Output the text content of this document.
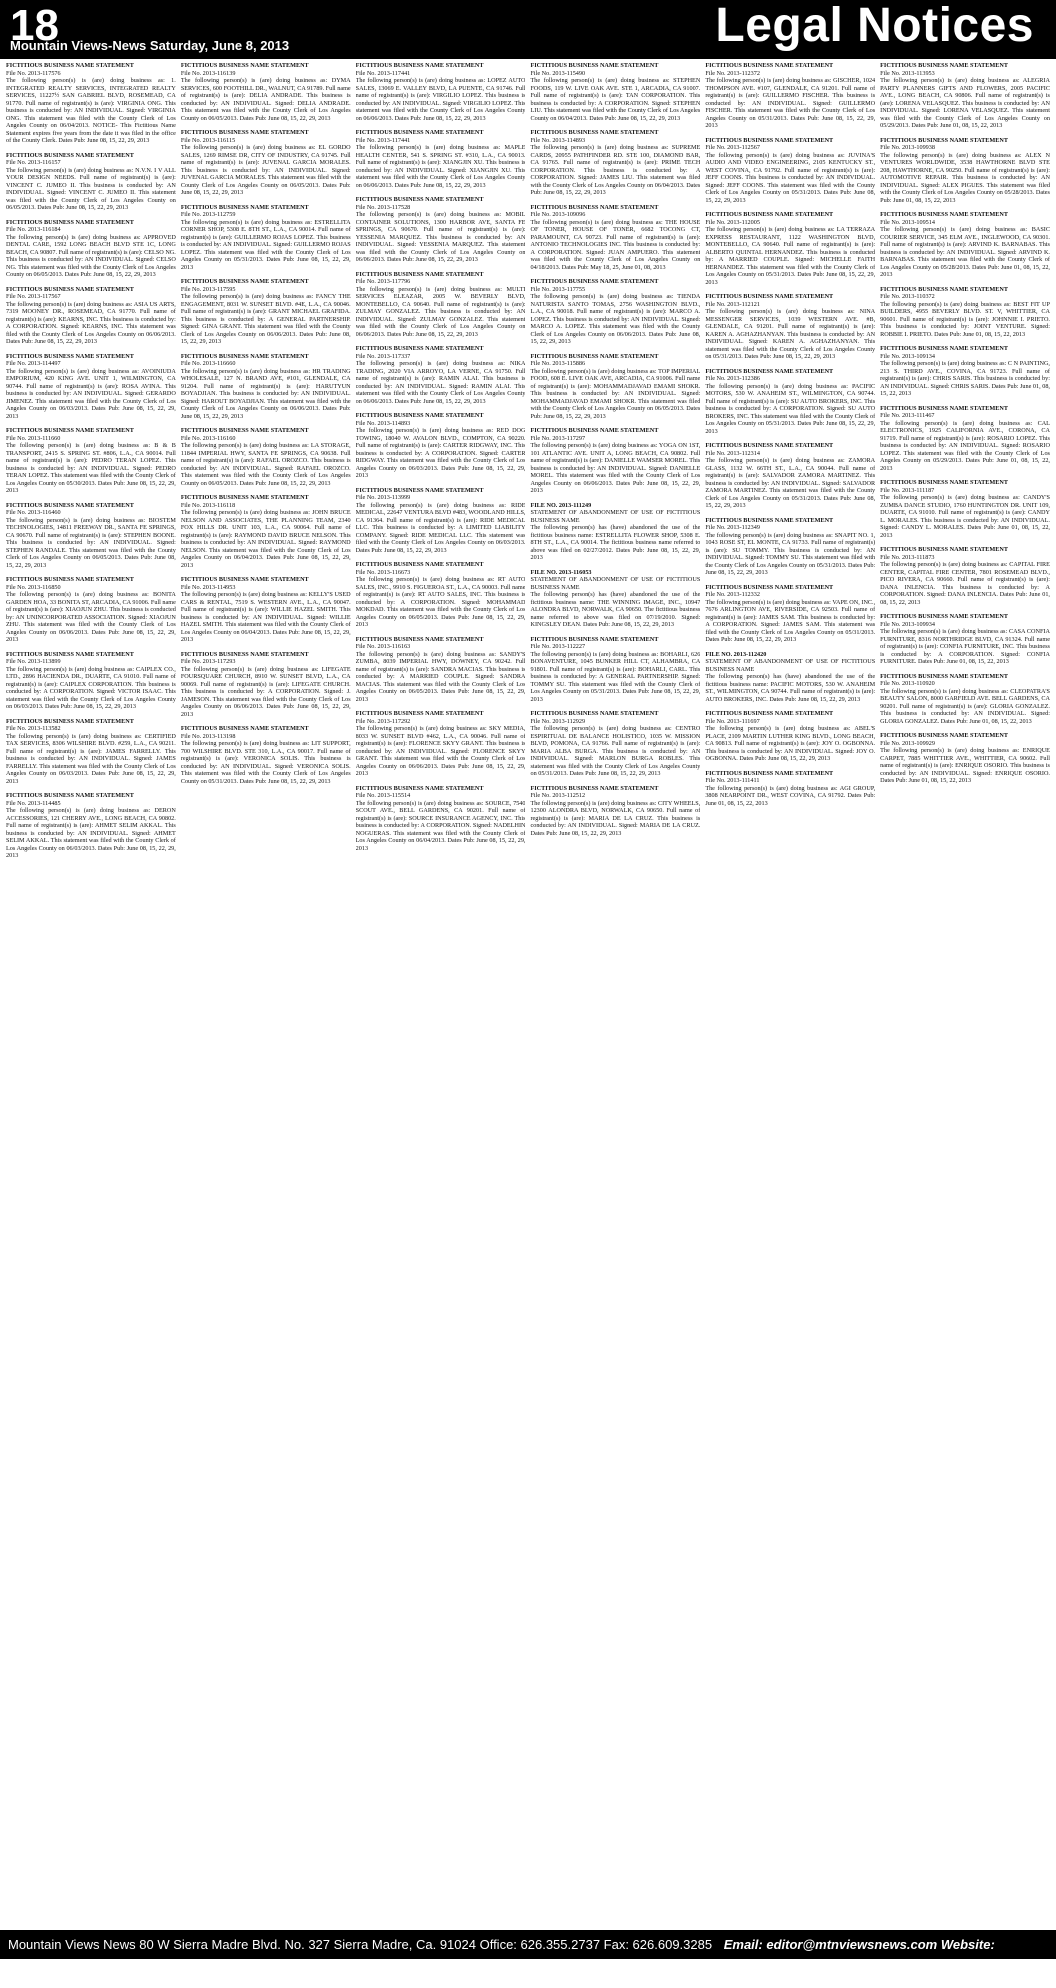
18	Legal Notices
Mountain Views-News Saturday, June 8, 2013
FICTITIOUS BUSINESS NAME STATEMENT
File No. 2013-117576
The following person(s) is (are) doing business as: 1. INTEGRATED REALTY SERVICES, INTEGRATED REALTY SERVICES, 11227½ SAN GABRIEL BLVD, ROSEMEAD, CA 91770. Full name of registrant(s) is (are): VIRGINIA ONG. This business is conducted by: AN INDIVIDUAL. Signed: VIRGINIA ONG. This statement was filed with the County Clerk of Los Angeles County on 06/04/2013. NOTICE- This Fictitious Name Statement expires five years from the date it was filed in the office of the County Clerk. Dates Pub: June 08, 15, 22, 29, 2013
FICTITIOUS BUSINESS NAME STATEMENT
File No. 2013-116157
The following person(s) is (are) doing business as: N.V.N. I V ALL YOUR DESIGN NEEDS. Full name of registrant(s) is (are): VINCENT C. JUMEO II. This business is conducted by: AN INDIVIDUAL. Signed: VINCENT C. JUMEO II. This statement was filed with the County Clerk of Los Angeles County on 06/05/2013. Dates Pub: June 08, 15, 22, 29, 2013
FICTITIOUS BUSINESS NAME STATEMENT
File No. 2013-116184
The following person(s) is (are) doing business as: APPROVED DENTAL CARE, 1592 LONG BEACH BLVD STE 1C, LONG BEACH, CA 90807. Full name of registrant(s) is (are): CELSO NG. This business is conducted by: AN INDIVIDUAL. Signed: CELSO NG. This statement was filed with the County Clerk of Los Angeles County on 06/05/2013. Dates Pub: June 08, 15, 22, 29, 2013
FICTITIOUS BUSINESS NAME STATEMENT
File No. 2013-117567
The following person(s) is (are) doing business as: ASIA US ARTS, 7319 MOONEY DR., ROSEMEAD, CA 91770. Full name of registrant(s) is (are): KEARNS, INC. This business is conducted by: A CORPORATION. Signed: KEARNS, INC. This statement was filed with the County Clerk of Los Angeles County on 06/06/2013. Dates Pub: June 08, 15, 22, 29, 2013
FICTITIOUS BUSINESS NAME STATEMENT
File No. 2013-114497
The following person(s) is (are) doing business as: AVOINIUDA EMPORIUM, 420 KING AVE. UNIT 1, WILMINGTON, CA 90744. Full name of registrant(s) is (are): ROSA AVINA. This business is conducted by: AN INDIVIDUAL. Signed: GERARDO JIMENEZ. This statement was filed with the County Clerk of Los Angeles County on 06/03/2013. Dates Pub: June 08, 15, 22, 29, 2013
FICTITIOUS BUSINESS NAME STATEMENT
File No. 2013-111660
The following person(s) is (are) doing business as: B & B TRANSPORT, 2415 S. SPRING ST. #806, L.A., CA 90014. Full name of registrant(s) is (are): PEDRO TERAN LOPEZ. This business is conducted by: AN INDIVIDUAL. Signed: PEDRO TERAN LOPEZ. This statement was filed with the County Clerk of Los Angeles County on 05/30/2013. Dates Pub: June 08, 15, 22, 29, 2013
FICTITIOUS BUSINESS NAME STATEMENT
File No. 2013-116460
The following person(s) is (are) doing business as: BIOSTEM TECHNOLOGIES, 14811 FREEWAY DR., SANTA FE SPRINGS, CA 90670. Full name of registrant(s) is (are): STEPHEN BOONE. This business is conducted by: AN INDIVIDUAL. Signed: STEPHEN RANDALE. This statement was filed with the County Clerk of Los Angeles County on 06/05/2013. Dates Pub: June 08, 15, 22, 29, 2013
FICTITIOUS BUSINESS NAME STATEMENT
File No. 2013-116850
The following person(s) is (are) doing business as: BONITA GARDEN HOA, 33 BONITA ST, ARCADIA, CA 91006. Full name of registrant(s) is (are): XIAOJUN ZHU. This business is conducted by: AN UNINCORPORATED ASSOCIATION. Signed: XIAOJUN ZHU. This statement was filed with the County Clerk of Los Angeles County on 06/06/2013. Dates Pub: June 08, 15, 22, 29, 2013
FICTITIOUS BUSINESS NAME STATEMENT
File No. 2013-113899
The following person(s) is (are) doing business as: CAIPLEX CO., LTD., 2896 HACIENDA DR., DUARTE, CA 91010. Full name of registrant(s) is (are): CAIPLEX CORPORATION. This business is conducted by: A CORPORATION. Signed: VICTOR ISAAC. This statement was filed with the County Clerk of Los Angeles County on 06/03/2013. Dates Pub: June 08, 15, 22, 29, 2013
FICTITIOUS BUSINESS NAME STATEMENT
File No. 2013-113582
The following person(s) is (are) doing business as: CERTIFIED TAX SERVICES, 8306 WILSHIRE BLVD. #259, L.A., CA 90211. Full name of registrant(s) is (are): JAMES FARRELLY. This business is conducted by: AN INDIVIDUAL. Signed: JAMES FARRELLY. This statement was filed with the County Clerk of Los Angeles County on 06/03/2013. Dates Pub: June 08, 15, 22, 29, 2013
FICTITIOUS BUSINESS NAME STATEMENT
File No. 2013-114485
The following person(s) is (are) doing business as: DERON ACCESSORIES, 121 CHERRY AVE., LONG BEACH, CA 90802. Full name of registrant(s) is (are): AHMET SELIM AKKAL. This business is conducted by: AN INDIVIDUAL. Signed: AHMET SELIM AKKAL. This statement was filed with the County Clerk of Los Angeles County on 06/03/2013. Dates Pub: June 08, 15, 22, 29, 2013
FICTITIOUS BUSINESS NAME STATEMENT
File No. 2013-116139
The following person(s) is (are) doing business as: DYMA SERVICES, 600 FOOTHILL DR., WALNUT, CA 91789. Full name of registrant(s) is (are): DELIA ANDRADE. This business is conducted by: AN INDIVIDUAL. Signed: DELIA ANDRADE. This statement was filed with the County Clerk of Los Angeles County on 06/05/2013. Dates Pub: June 08, 15, 22, 29, 2013
FICTITIOUS BUSINESS NAME STATEMENT
File No. 2013-116115
The following person(s) is (are) doing business as: EL GORDO SALES, 1269 RIMSE DR, CITY OF INDUSTRY, CA 91745. Full name of registrant(s) is (are): JUVENAL GARCIA MORALES. This business is conducted by: AN INDIVIDUAL. Signed: JUVENAL GARCIA MORALES. This statement was filed with the County Clerk of Los Angeles County on 06/05/2013. Dates Pub: June 08, 15, 22, 29, 2013
FICTITIOUS BUSINESS NAME STATEMENT
File No. 2013-112759
The following person(s) is (are) doing business as: ESTRELLITA CORNER SHOP, 5308 E. 8TH ST., L.A., CA 90014. Full name of registrant(s) is (are): GUILLERMO ROJAS LOPEZ. This business is conducted by: AN INDIVIDUAL. Signed: GUILLERMO ROJAS LOPEZ. This statement was filed with the County Clerk of Los Angeles County on 05/31/2013. Dates Pub: June 08, 15, 22, 29, 2013
FICTITIOUS BUSINESS NAME STATEMENT
File No. 2013-117595
The following person(s) is (are) doing business as: FANCY THE ENGAGEMENT, 8031 W. SUNSET BLVD. #4E, L.A., CA 90046. Full name of registrant(s) is (are): GRANT MICHAEL GRAFIDA. This business is conducted by: A GENERAL PARTNERSHIP. Signed: GINA GRANT. This statement was filed with the County Clerk of Los Angeles County on 06/06/2013. Dates Pub: June 08, 15, 22, 29, 2013
FICTITIOUS BUSINESS NAME STATEMENT
File No. 2013-116660
The following person(s) is (are) doing business as: HR TRADING WHOLESALE, 127 N. BRAND AVE, #101, GLENDALE, CA 91204. Full name of registrant(s) is (are): HARUTYUN BOYADJIAN. This business is conducted by: AN INDIVIDUAL. Signed: HAROUT BOYADJIAN. This statement was filed with the County Clerk of Los Angeles County on 06/06/2013. Dates Pub: June 08, 15, 22, 29, 2013
FICTITIOUS BUSINESS NAME STATEMENT
File No. 2013-116160
The following person(s) is (are) doing business as: LA STORAGE, 11844 IMPERIAL HWY, SANTA FE SPRINGS, CA 90638. Full name of registrant(s) is (are): RAFAEL OROZCO. This business is conducted by: AN INDIVIDUAL. Signed: RAFAEL OROZCO. This statement was filed with the County Clerk of Los Angeles County on 06/05/2013. Dates Pub: June 08, 15, 22, 29, 2013
FICTITIOUS BUSINESS NAME STATEMENT
File No. 2013-116118
The following person(s) is (are) doing business as: JOHN BRUCE NELSON AND ASSOCIATES, THE PLANNING TEAM, 2340 FOX HILLS DR. UNIT 103, L.A., CA 90064. Full name of registrant(s) is (are): RAYMOND DAVID BRUCE NELSON. This business is conducted by: AN INDIVIDUAL. Signed: RAYMOND NELSON. This statement was filed with the County Clerk of Los Angeles County on 06/04/2013. Dates Pub: June 08, 15, 22, 29, 2013
FICTITIOUS BUSINESS NAME STATEMENT
File No. 2013-114953
The following person(s) is (are) doing business as: KELLY'S USED CARS & RENTAL, 7519 S. WESTERN AVE., L.A., CA 90047. Full name of registrant(s) is (are): WILLIE HAZEL SMITH. This business is conducted by: AN INDIVIDUAL. Signed: WILLIE HAZEL SMITH. This statement was filed with the County Clerk of Los Angeles County on 06/04/2013. Dates Pub: June 08, 15, 22, 29, 2013
FICTITIOUS BUSINESS NAME STATEMENT
File No. 2013-117293
The following person(s) is (are) doing business as: LIFEGATE FOURSQUARE CHURCH, 8910 W. SUNSET BLVD, L.A., CA 90069. Full name of registrant(s) is (are): LIFEGATE CHURCH. This business is conducted by: A CORPORATION. Signed: J. JAMESON. This statement was filed with the County Clerk of Los Angeles County on 06/06/2013. Dates Pub: June 08, 15, 22, 29, 2013
FICTITIOUS BUSINESS NAME STATEMENT
File No. 2013-113198
The following person(s) is (are) doing business as: LIT SUPPORT, 700 WILSHIRE BLVD. STE 310, L.A., CA 90017. Full name of registrant(s) is (are): VERONICA SOLIS. This business is conducted by: AN INDIVIDUAL. Signed: VERONICA SOLIS. This statement was filed with the County Clerk of Los Angeles County on 05/31/2013. Dates Pub: June 08, 15, 22, 29, 2013
FICTITIOUS BUSINESS NAME STATEMENT
File No. 2013-117441
The following person(s) is (are) doing business as: LOPEZ AUTO SALES, 13069 E. VALLEY BLVD, LA PUENTE, CA 91746. Full name of registrant(s) is (are): VIRGILIO LOPEZ. This business is conducted by: AN INDIVIDUAL. Signed: VIRGILIO LOPEZ. This statement was filed with the County Clerk of Los Angeles County on 06/06/2013. Dates Pub: June 08, 15, 22, 29, 2013
FICTITIOUS BUSINESS NAME STATEMENT
File No. 2013-117441
The following person(s) is (are) doing business as: MAPLE HEALTH CENTER, 541 S. SPRING ST. #310, L.A., CA 90013. Full name of registrant(s) is (are): XIANGJIN XU. This business is conducted by: AN INDIVIDUAL. Signed: XIANGJIN XU. This statement was filed with the County Clerk of Los Angeles County on 06/06/2013. Dates Pub: June 08, 15, 22, 29, 2013
FICTITIOUS BUSINESS NAME STATEMENT
File No. 2013-117528
The following person(s) is (are) doing business as: MOBIL CONTAINER SOLUTIONS, 1300 HARBOR AVE, SANTA FE SPRINGS, CA 90670. Full name of registrant(s) is (are): YESSENIA MARQUEZ. This business is conducted by: AN INDIVIDUAL. Signed: YESSENIA MARQUEZ. This statement was filed with the County Clerk of Los Angeles County on 06/06/2013. Dates Pub: June 08, 15, 22, 29, 2013
FICTITIOUS BUSINESS NAME STATEMENT
File No. 2013-117796
The following person(s) is (are) doing business as: MULTI SERVICES ELEAZAR, 2005 W. BEVERLY BLVD, MONTEBELLO, CA 90640. Full name of registrant(s) is (are): ZULMAY GONZALEZ. This business is conducted by: AN INDIVIDUAL. Signed: ZULMAY GONZALEZ. This statement was filed with the County Clerk of Los Angeles County on 06/06/2013. Dates Pub: June 08, 15, 22, 29, 2013
FICTITIOUS BUSINESS NAME STATEMENT
File No. 2013-117337
The following person(s) is (are) doing business as: NIKA TRADING, 2020 VIA ARROYO, LA VERNE, CA 91750. Full name of registrant(s) is (are): RAMIN ALAI. This business is conducted by: AN INDIVIDUAL. Signed: RAMIN ALAI. This statement was filed with the County Clerk of Los Angeles County on 06/06/2013. Dates Pub: June 08, 15, 22, 29, 2013
FICTITIOUS BUSINESS NAME STATEMENT
File No. 2013-114893
The following person(s) is (are) doing business as: RED DOG TOWING, 18040 W. AVALON BLVD., COMPTON, CA 90220. Full name of registrant(s) is (are): CARTER RIDGWAY, INC. This business is conducted by: A CORPORATION. Signed: CARTER RIDGWAY. This statement was filed with the County Clerk of Los Angeles County on 06/03/2013. Dates Pub: June 08, 15, 22, 29, 2013
FICTITIOUS BUSINESS NAME STATEMENT
File No. 2013-113999
The following person(s) is (are) doing business as: RIDE MEDICAL, 22647 VENTURA BLVD #483, WOODLAND HILLS, CA 91364. Full name of registrant(s) is (are): RIDE MEDICAL LLC. This business is conducted by: A LIMITED LIABILITY COMPANY. Signed: RIDE MEDICAL LLC. This statement was filed with the County Clerk of Los Angeles County on 06/03/2013. Dates Pub: June 08, 15, 22, 29, 2013
FICTITIOUS BUSINESS NAME STATEMENT
File No. 2013-116673
The following person(s) is (are) doing business as: RT AUTO SALES, INC., 9910 S. FIGUEROA ST., L.A., CA 90003. Full name of registrant(s) is (are): RT AUTO SALES, INC. This business is conducted by: A CORPORATION. Signed: MOHAMMAD MOKDAD. This statement was filed with the County Clerk of Los Angeles County on 06/05/2013. Dates Pub: June 08, 15, 22, 29, 2013
FICTITIOUS BUSINESS NAME STATEMENT
File No. 2013-116163
The following person(s) is (are) doing business as: SANDY'S ZUMBA, 8039 IMPERIAL HWY, DOWNEY, CA 90242. Full name of registrant(s) is (are): SANDRA MACIAS. This business is conducted by: A MARRIED COUPLE. Signed: SANDRA MACIAS. This statement was filed with the County Clerk of Los Angeles County on 06/05/2013. Dates Pub: June 08, 15, 22, 29, 2013
FICTITIOUS BUSINESS NAME STATEMENT
File No. 2013-117292
The following person(s) is (are) doing business as: SKY MEDIA, 8033 W. SUNSET BLVD #462, L.A., CA 90046. Full name of registrant(s) is (are): FLORENCE SKYY GRANT. This business is conducted by: AN INDIVIDUAL. Signed: FLORENCE SKYY GRANT. This statement was filed with the County Clerk of Los Angeles County on 06/06/2013. Dates Pub: June 08, 15, 22, 29, 2013
FICTITIOUS BUSINESS NAME STATEMENT
File No. 2013-115514
The following person(s) is (are) doing business as: SOURCE, 7540 SCOUT AVE., BELL GARDENS, CA 90201. Full name of registrant(s) is (are): SOURCE INSURANCE AGENCY, INC. This business is conducted by: A CORPORATION. Signed: NADELHIN NOGUERAS. This statement was filed with the County Clerk of Los Angeles County on 06/04/2013. Dates Pub: June 08, 15, 22, 29, 2013
FICTITIOUS BUSINESS NAME STATEMENT
File No. 2013-115490
The following person(s) is (are) doing business as: STEPHEN FOODS, 119 W. LIVE OAK AVE. STE 1, ARCADIA, CA 91007. Full name of registrant(s) is (are): TAN CORPORATION. This business is conducted by: A CORPORATION. Signed: STEPHEN LIU. This statement was filed with the County Clerk of Los Angeles County on 06/04/2013. Dates Pub: June 08, 15, 22, 29, 2013
FICTITIOUS BUSINESS NAME STATEMENT
File No. 2013-114893
The following person(s) is (are) doing business as: SUPREME CARDS, 20955 PATHFINDER RD. STE 100, DIAMOND BAR, CA 91765. Full name of registrant(s) is (are): PRIME TECH CORPORATION. This business is conducted by: A CORPORATION. Signed: JAMES LIU. This statement was filed with the County Clerk of Los Angeles County on 06/04/2013. Dates Pub: June 08, 15, 22, 29, 2013
FICTITIOUS BUSINESS NAME STATEMENT
File No. 2013-109096
The following person(s) is (are) doing business as: THE HOUSE OF TONER, HOUSE OF TONER, 6682 TOCONG CT, PARAMOUNT, CA 90723. Full name of registrant(s) is (are): ANTONIO TECHNOLOGIES INC. This business is conducted by: A CORPORATION. Signed: JUAN AMPUERO. This statement was filed with the County Clerk of Los Angeles County on 04/18/2013. Dates Pub: May 18, 25, June 01, 08, 2013
FICTITIOUS BUSINESS NAME STATEMENT
File No. 2013-117755
The following person(s) is (are) doing business as: TIENDA NATURISTA SANTO TOMAS, 2756 WASHINGTON BLVD., L.A., CA 90018. Full name of registrant(s) is (are): MARCO A. LOPEZ. This business is conducted by: AN INDIVIDUAL. Signed: MARCO A. LOPEZ. This statement was filed with the County Clerk of Los Angeles County on 06/06/2013. Dates Pub: June 08, 15, 22, 29, 2013
FICTITIOUS BUSINESS NAME STATEMENT
File No. 2013-115886
The following person(s) is (are) doing business as: TOP IMPERIAL FOOD, 608 E. LIVE OAK AVE, ARCADIA, CA 91006. Full name of registrant(s) is (are): MOHAMMADJAVAD EMAMI SHOKR. This business is conducted by: AN INDIVIDUAL. Signed: MOHAMMADJAVAD EMAMI SHOKR. This statement was filed with the County Clerk of Los Angeles County on 06/05/2013. Dates Pub: June 08, 15, 22, 29, 2013
FICTITIOUS BUSINESS NAME STATEMENT
File No. 2013-117297
The following person(s) is (are) doing business as: YOGA ON 1ST, 101 ATLANTIC AVE. UNIT A, LONG BEACH, CA 90802. Full name of registrant(s) is (are): DANIELLE WAMSER MOREL. This business is conducted by: AN INDIVIDUAL. Signed: DANIELLE MOREL. This statement was filed with the County Clerk of Los Angeles County on 06/06/2013. Dates Pub: June 08, 15, 22, 29, 2013
FILE NO. 2013-111249
STATEMENT OF ABANDONMENT OF USE OF FICTITIOUS BUSINESS NAME
The following person(s) has (have) abandoned the use of the fictitious business name: ESTRELLITA FLOWER SHOP, 5308 E. 8TH ST., L.A., CA 90014. The fictitious business name referred to above was filed on 02/27/2012. Dates Pub: June 08, 15, 22, 29, 2013
FILE NO. 2013-116053
STATEMENT OF ABANDONMENT OF USE OF FICTITIOUS BUSINESS NAME
The following person(s) has (have) abandoned the use of the fictitious business name: THE WINNING IMAGE, INC., 10947 ALONDRA BLVD, NORWALK, CA 90650. The fictitious business name referred to above was filed on 07/19/2010. Signed: KINGSLEY DEAN. Dates Pub: June 08, 15, 22, 29, 2013
FICTITIOUS BUSINESS NAME STATEMENT
File No. 2013-112227
The following person(s) is (are) doing business as: BOHARLI, 626 BONAVENTURE, 1045 BUNKER HILL CT, ALHAMBRA, CA 91801. Full name of registrant(s) is (are): BOHARLI, CARL. This business is conducted by: A GENERAL PARTNERSHIP. Signed: TOMMY SU. This statement was filed with the County Clerk of Los Angeles County on 05/31/2013. Dates Pub: June 08, 15, 22, 29, 2013
FICTITIOUS BUSINESS NAME STATEMENT
File No. 2013-112929
The following person(s) is (are) doing business as: CENTRO ESPIRITUAL DE BALANCE HOLISTICO, 1035 W. MISSION BLVD, POMONA, CA 91766. Full name of registrant(s) is (are): MARIA ALBA BURGA. This business is conducted by: AN INDIVIDUAL. Signed: MARLON BURGA ROBLES. This statement was filed with the County Clerk of Los Angeles County on 05/31/2013. Dates Pub: June 08, 15, 22, 29, 2013
FICTITIOUS BUSINESS NAME STATEMENT
File No. 2013-112512
The following person(s) is (are) doing business as: CITY WHEELS, 12300 ALONDRA BLVD, NORWALK, CA 90650. Full name of registrant(s) is (are): MARIA DE LA CRUZ. This business is conducted by: AN INDIVIDUAL. Signed: MARIA DE LA CRUZ. Dates Pub: June 08, 15, 22, 29, 2013
FICTITIOUS BUSINESS NAME STATEMENT
File No. 2013-112372
The following person(s) is (are) doing business as: GISCHER, 1024 THOMPSON AVE. #107, GLENDALE, CA 91201. Full name of registrant(s) is (are): GUILLERMO FISCHER. This business is conducted by: AN INDIVIDUAL. Signed: GUILLERMO FISCHER. This statement was filed with the County Clerk of Los Angeles County on 05/31/2013. Dates Pub: June 08, 15, 22, 29, 2013
FICTITIOUS BUSINESS NAME STATEMENT
File No. 2013-112567
The following person(s) is (are) doing business as: JUVINA'S AUDIO AND VIDEO ENGINEERING, 2105 KENTUCKY ST., WEST COVINA, CA 91792. Full name of registrant(s) is (are): JEFF COONS. This business is conducted by: AN INDIVIDUAL. Signed: JEFF COONS. This statement was filed with the County Clerk of Los Angeles County on 05/31/2013. Dates Pub: June 08, 15, 22, 29, 2013
FICTITIOUS BUSINESS NAME STATEMENT
File No. 2013-112005
The following person(s) is (are) doing business as: LA TERRAZA EXPRESS RESTAURANT, 1122 WASHINGTON BLVD, MONTEBELLO, CA 90640. Full name of registrant(s) is (are): ALBERTO QUINTAL HERNANDEZ. This business is conducted by: A MARRIED COUPLE. Signed: MICHELLE FAITH HERNANDEZ. This statement was filed with the County Clerk of Los Angeles County on 05/31/2013. Dates Pub: June 08, 15, 22, 29, 2013
FICTITIOUS BUSINESS NAME STATEMENT
File No. 2013-112121
The following person(s) is (are) doing business as: NINA MESSENGER SERVICES, 1039 WESTERN AVE. #B, GLENDALE, CA 91201. Full name of registrant(s) is (are): KAREN A. AGHAZHANYAN. This business is conducted by: AN INDIVIDUAL. Signed: KAREN A. AGHAZHANYAN. This statement was filed with the County Clerk of Los Angeles County on 05/31/2013. Dates Pub: June 08, 15, 22, 29, 2013
FICTITIOUS BUSINESS NAME STATEMENT
File No. 2013-112386
The following person(s) is (are) doing business as: PACIFIC MOTORS, 530 W. ANAHEIM ST., WILMINGTON, CA 90744. Full name of registrant(s) is (are): SU AUTO BROKERS, INC. This business is conducted by: A CORPORATION. Signed: SU AUTO BROKERS, INC. This statement was filed with the County Clerk of Los Angeles County on 05/31/2013. Dates Pub: June 08, 15, 22, 29, 2013
FICTITIOUS BUSINESS NAME STATEMENT
File No. 2013-112314
The following person(s) is (are) doing business as: ZAMORA GLASS, 1132 W. 66TH ST., L.A., CA 90044. Full name of registrant(s) is (are): SALVADOR ZAMORA MARTINEZ. This business is conducted by: AN INDIVIDUAL. Signed: SALVADOR ZAMORA MARTINEZ. This statement was filed with the County Clerk of Los Angeles County on 05/31/2013. Dates Pub: June 08, 15, 22, 29, 2013
FICTITIOUS BUSINESS NAME STATEMENT
File No. 2013-112349
The following person(s) is (are) doing business as: SNAPIT NO. 1, 1043 ROSE ST, EL MONTE, CA 91733. Full name of registrant(s) is (are): SU TOMMY. This business is conducted by: AN INDIVIDUAL. Signed: TOMMY SU. This statement was filed with the County Clerk of Los Angeles County on 05/31/2013. Dates Pub: June 08, 15, 22, 29, 2013
FICTITIOUS BUSINESS NAME STATEMENT
File No. 2013-112332
The following person(s) is (are) doing business as: VAPE ON, INC., 7676 ARLINGTON AVE, RIVERSIDE, CA 92503. Full name of registrant(s) is (are): JAMES SAM. This business is conducted by: A CORPORATION. Signed: JAMES SAM. This statement was filed with the County Clerk of Los Angeles County on 05/31/2013. Dates Pub: June 08, 15, 22, 29, 2013
FILE NO. 2013-112420
STATEMENT OF ABANDONMENT OF USE OF FICTITIOUS BUSINESS NAME
The following person(s) has (have) abandoned the use of the fictitious business name: PACIFIC MOTORS, 530 W. ANAHEIM ST., WILMINGTON, CA 90744. Full name of registrant(s) is (are): AUTO BROKERS, INC. Dates Pub: June 08, 15, 22, 29, 2013
FICTITIOUS BUSINESS NAME STATEMENT
File No. 2013-111697
The following person(s) is (are) doing business as: ABEL'S PLACE, 2109 MARTIN LUTHER KING BLVD., LONG BEACH, CA 90813. Full name of registrant(s) is (are): JOY O. OGBONNA. This business is conducted by: AN INDIVIDUAL. Signed: JOY O. OGBONNA. Dates Pub: June 08, 15, 22, 29, 2013
FICTITIOUS BUSINESS NAME STATEMENT
File No. 2013-111411
The following person(s) is (are) doing business as: AGI GROUP, 3808 NEARPOINT DR., WEST COVINA, CA 91792. Dates Pub: June 01, 08, 15, 22, 2013
FICTITIOUS BUSINESS NAME STATEMENT
File No. 2013-113953
The following person(s) is (are) doing business as: ALEGRIA PARTY PLANNERS GIFTS AND FLOWERS, 2005 PACIFIC AVE., LONG BEACH, CA 90806. Full name of registrant(s) is (are): LORENA VELASQUEZ. This business is conducted by: AN INDIVIDUAL. Signed: LORENA VELASQUEZ. This statement was filed with the County Clerk of Los Angeles County on 05/29/2013. Dates Pub: June 01, 08, 15, 22, 2013
FICTITIOUS BUSINESS NAME STATEMENT
File No. 2013-109938
The following person(s) is (are) doing business as: ALEX N VENTURES WORLDWIDE, 3538 HAWTHORNE BLVD STE 208, HAWTHORNE, CA 90250. Full name of registrant(s) is (are): AUTOMOTIVE REPAIR. This business is conducted by: AN INDIVIDUAL. Signed: ALEX PIGUES. This statement was filed with the County Clerk of Los Angeles County on 05/28/2013. Dates Pub: June 01, 08, 15, 22, 2013
FICTITIOUS BUSINESS NAME STATEMENT
File No. 2013-109514
The following person(s) is (are) doing business as: BASIC COURIER SERVICE, 345 ELM AVE., INGLEWOOD, CA 90301. Full name of registrant(s) is (are): ARVIND K. BARNABAS. This business is conducted by: AN INDIVIDUAL. Signed: ARVIND K. BARNABAS. This statement was filed with the County Clerk of Los Angeles County on 05/28/2013. Dates Pub: June 01, 08, 15, 22, 2013
FICTITIOUS BUSINESS NAME STATEMENT
File No. 2013-110372
The following person(s) is (are) doing business as: BEST FIT UP BUILDERS, 4955 BEVERLY BLVD. ST. V, WHITTIER, CA 90601. Full name of registrant(s) is (are): JOHNNIE I. PRIETO. This business is conducted by: JOINT VENTURE. Signed: ROBBIE I. PRIETO. Dates Pub: June 01, 08, 15, 22, 2013
FICTITIOUS BUSINESS NAME STATEMENT
File No. 2013-109134
The following person(s) is (are) doing business as: C N PAINTING, 213 S. THIRD AVE., COVINA, CA 91723. Full name of registrant(s) is (are): CHRIS SARIS. This business is conducted by: AN INDIVIDUAL. Signed: CHRIS SARIS. Dates Pub: June 01, 08, 15, 22, 2013
FICTITIOUS BUSINESS NAME STATEMENT
File No. 2013-111467
The following person(s) is (are) doing business as: CAL ELECTRONICS, 1925 CALIFORNIA AVE., CORONA, CA 91719. Full name of registrant(s) is (are): ROSARIO LOPEZ. This business is conducted by: AN INDIVIDUAL. Signed: ROSARIO LOPEZ. This statement was filed with the County Clerk of Los Angeles County on 05/29/2013. Dates Pub: June 01, 08, 15, 22, 2013
FICTITIOUS BUSINESS NAME STATEMENT
File No. 2013-111187
The following person(s) is (are) doing business as: CANDY'S ZUMBA DANCE STUDIO, 1760 HUNTINGTON DR. UNIT 109, DUARTE, CA 91010. Full name of registrant(s) is (are): CANDY L. MORALES. This business is conducted by: AN INDIVIDUAL. Signed: CANDY L. MORALES. Dates Pub: June 01, 08, 15, 22, 2013
FICTITIOUS BUSINESS NAME STATEMENT
File No. 2013-111873
The following person(s) is (are) doing business as: CAPITAL FIRE CENTER, CAPITAL FIRE CENTER, 7801 ROSEMEAD BLVD., PICO RIVERA, CA 90660. Full name of registrant(s) is (are): DANA INLENCIA. This business is conducted by: A CORPORATION. Signed: DANA INLENCIA. Dates Pub: June 01, 08, 15, 22, 2013
FICTITIOUS BUSINESS NAME STATEMENT
File No. 2013-109934
The following person(s) is (are) doing business as: CASA CONFIA FURNITURE, 8316 NORTHRIDGE BLVD, CA 91324. Full name of registrant(s) is (are): CONFIA FURNITURE, INC. This business is conducted by: A CORPORATION. Signed: CONFIA FURNITURE. Dates Pub: June 01, 08, 15, 22, 2013
FICTITIOUS BUSINESS NAME STATEMENT
File No. 2013-110920
The following person(s) is (are) doing business as: CLEOPATRA'S BEAUTY SALON, 8000 GARFIELD AVE. BELL GARDENS, CA 90201. Full name of registrant(s) is (are): GLORIA GONZALEZ. This business is conducted by: AN INDIVIDUAL. Signed: GLORIA GONZALEZ. Dates Pub: June 01, 08, 15, 22, 2013
FICTITIOUS BUSINESS NAME STATEMENT
File No. 2013-109929
The following person(s) is (are) doing business as: ENRIQUE CARPET, 7885 WHITTIER AVE., WHITTIER, CA 90602. Full name of registrant(s) is (are): ENRIQUE OSORIO. This business is conducted by: AN INDIVIDUAL. Signed: ENRIQUE OSORIO. Dates Pub: June 01, 08, 15, 22, 2013
Mountain Views News 80 W Sierra Madre Blvd. No. 327 Sierra Madre, Ca. 91024 Office: 626.355.2737 Fax: 626.609.3285 Email: editor@mtnviewsnews.com Website: www.mtnviewsnews.com
